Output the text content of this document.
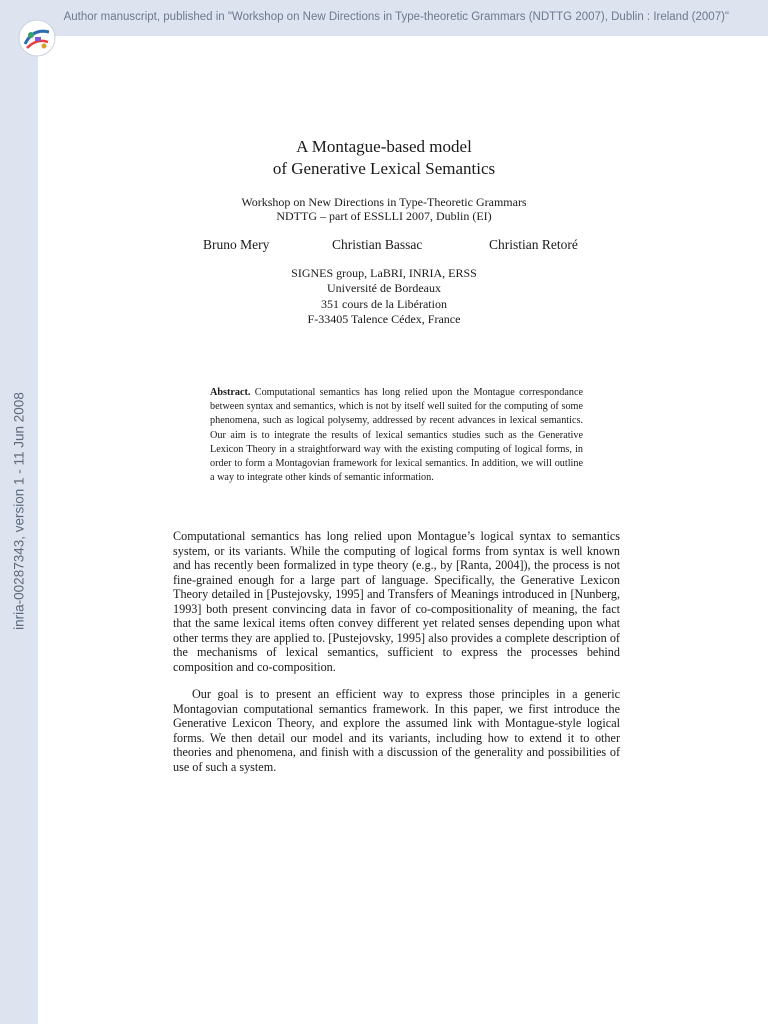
Author manuscript, published in "Workshop on New Directions in Type-theoretic Grammars (NDTTG 2007), Dublin : Ireland (2007)"
inria-00287343, version 1 - 11 Jun 2008
A Montague-based model
of Generative Lexical Semantics
Workshop on New Directions in Type-Theoretic Grammars
NDTTG – part of ESSLLI 2007, Dublin (EI)
Bruno Mery	Christian Bassac	Christian Retoré
SIGNES group, LaBRI, INRIA, ERSS
Université de Bordeaux
351 cours de la Libération
F-33405 Talence Cédex, France
Abstract. Computational semantics has long relied upon the Montague correspondance between syntax and semantics, which is not by itself well suited for the computing of some phenomena, such as logical polysemy, addressed by recent advances in lexical semantics. Our aim is to integrate the results of lexical semantics studies such as the Generative Lexicon Theory in a straightforward way with the existing computing of logical forms, in order to form a Montagovian framework for lexical semantics. In addition, we will outline a way to integrate other kinds of semantic information.

Computational semantics has long relied upon Montague’s logical syntax to semantics system, or its variants. While the computing of logical forms from syntax is well known and has recently been formalized in type theory (e.g., by [Ranta, 2004]), the process is not fine-grained enough for a large part of language. Specifically, the Generative Lexicon Theory detailed in [Pustejovsky, 1995] and Transfers of Meanings introduced in [Nunberg, 1993] both present convincing data in favor of co-compositionality of meaning, the fact that the same lexical items often convey different yet related senses depending upon what other terms they are applied to. [Pustejovsky, 1995] also provides a complete description of the mechanisms of lexical semantics, sufficient to express the processes behind composition and co-composition.

Our goal is to present an efficient way to express those principles in a generic Montagovian computational semantics framework. In this paper, we first introduce the Generative Lexicon Theory, and explore the assumed link with Montague-style logical forms. We then detail our model and its variants, including how to extend it to other theories and phenomena, and finish with a discussion of the generality and possibilities of use of such a system.
